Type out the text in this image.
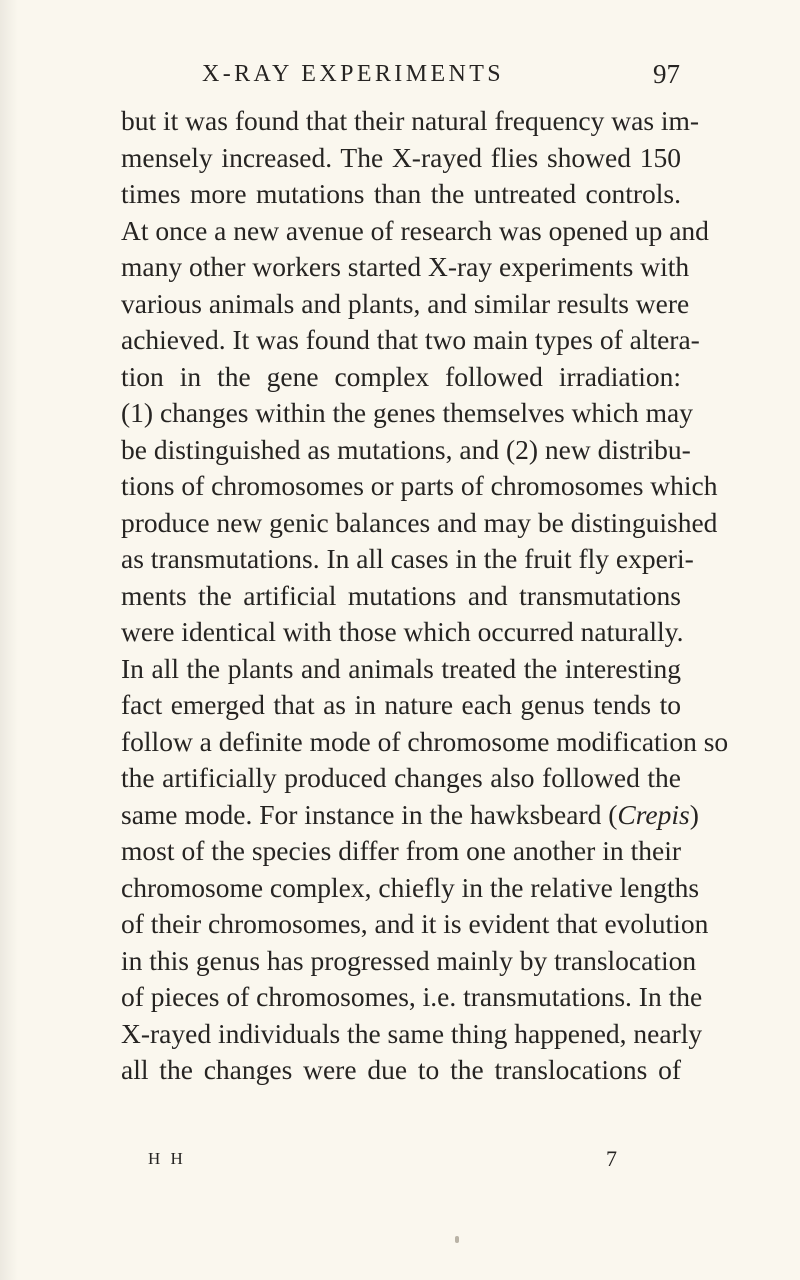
X-RAY EXPERIMENTS	97
but it was found that their natural frequency was im-
mensely increased. The X-rayed flies showed 150
times more mutations than the untreated controls.
At once a new avenue of research was opened up and
many other workers started X-ray experiments with
various animals and plants, and similar results were
achieved. It was found that two main types of altera-
tion in the gene complex followed irradiation:
(1) changes within the genes themselves which may
be distinguished as mutations, and (2) new distribu-
tions of chromosomes or parts of chromosomes which
produce new genic balances and may be distinguished
as transmutations. In all cases in the fruit fly experi-
ments the artificial mutations and transmutations
were identical with those which occurred naturally.
In all the plants and animals treated the interesting
fact emerged that as in nature each genus tends to
follow a definite mode of chromosome modification so
the artificially produced changes also followed the
same mode. For instance in the hawksbeard (Crepis)
most of the species differ from one another in their
chromosome complex, chiefly in the relative lengths
of their chromosomes, and it is evident that evolution
in this genus has progressed mainly by translocation
of pieces of chromosomes, i.e. transmutations. In the
X-rayed individuals the same thing happened, nearly
all the changes were due to the translocations of
H H	7
